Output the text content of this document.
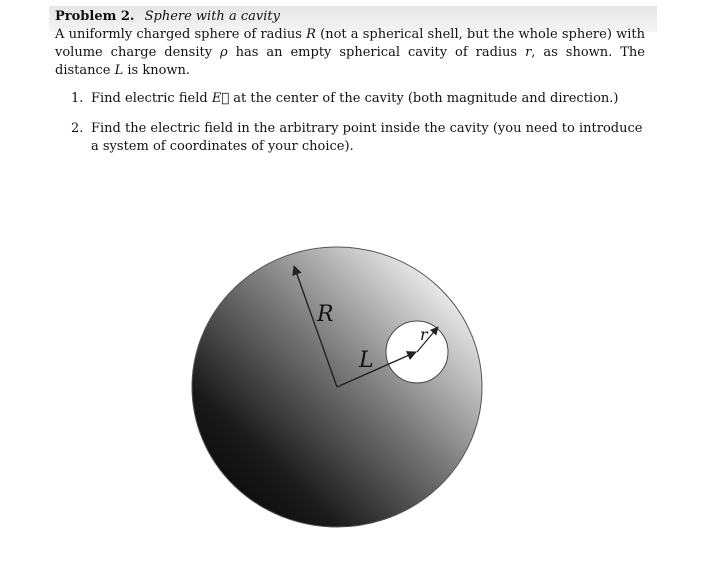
Problem 2. Sphere with a cavity

A uniformly charged sphere of radius R (not a spherical shell, but the whole sphere) with volume charge density ρ has an empty spherical cavity of radius r, as shown. The distance L is known.

1. Find electric field E⃗ at the center of the cavity (both magnitude and direction.)
2. Find the electric field in the arbitrary point inside the cavity (you need to introduce a system of coordinates of your choice).
R
L
r
